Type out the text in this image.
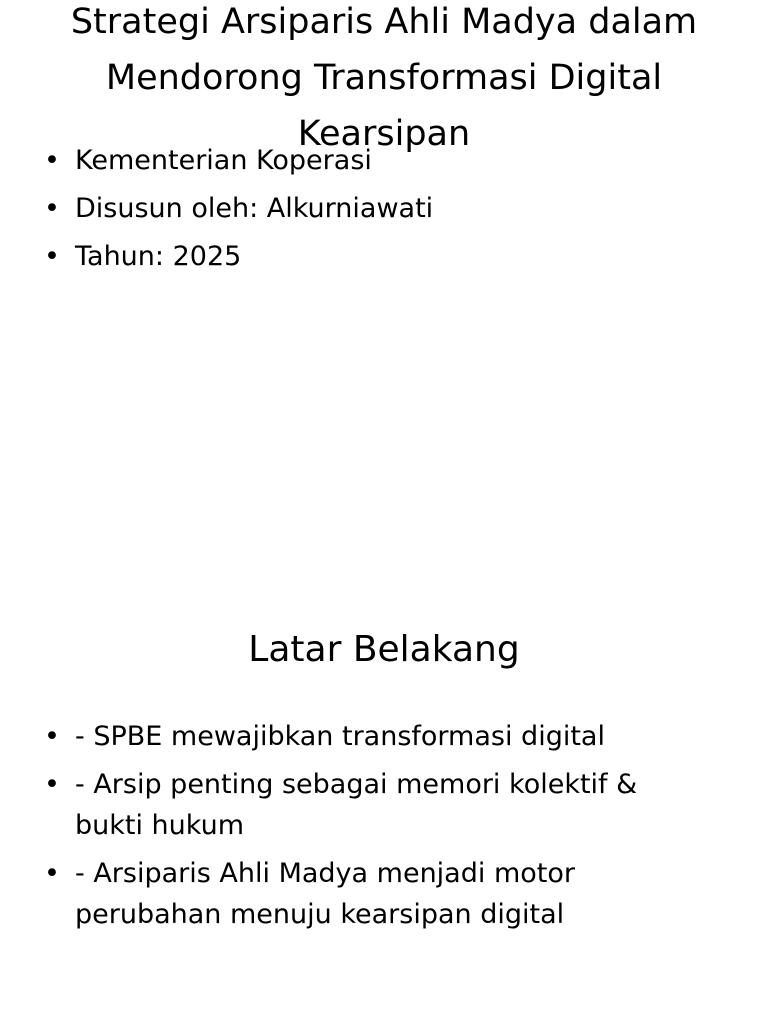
Strategi Arsiparis Ahli Madya dalam Mendorong Transformasi Digital Kearsipan
• Kementerian Koperasi
• Disusun oleh: Alkurniawati
• Tahun: 2025
Latar Belakang
• - SPBE mewajibkan transformasi digital
• - Arsip penting sebagai memori kolektif & bukti hukum
• - Arsiparis Ahli Madya menjadi motor perubahan menuju kearsipan digital
